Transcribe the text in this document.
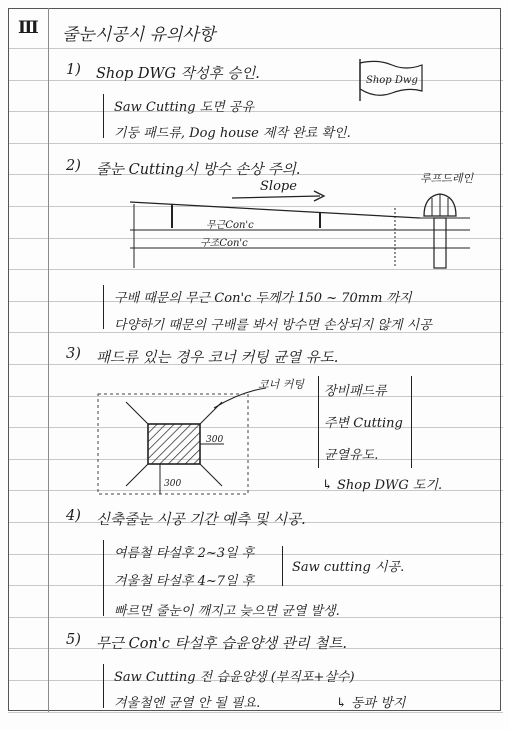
Ⅲ 줄눈시공시 유의사항
1) Shop DWG 작성후 승인.	Shop Dwg
Saw Cutting 도면 공유
기둥 패드류, Dog house 제작 완료 확인.
2) 줄눈 Cutting시 방수 손상 주의.
Slope
루프드레인
무근Con'c
구조Con'c
구배 때문의 무근 Con'c 두께가 150 ~ 70mm 까지
다양하기 때문의 구배를 봐서 방수면 손상되지 않게 시공
3) 패드류 있는 경우 코너 커팅 균열 유도.
코너 커팅
300
300
장비패드류
주변 Cutting
균열유도.
↳ Shop DWG 도기.
4) 신축줄눈 시공 기간 예측 및 시공.
여름철 타설후 2~3일 후
겨울철 타설후 4~7일 후
빠르면 줄눈이 깨지고 늦으면 균열 발생.
Saw cutting 시공.
5) 무근 Con'c 타설후 습윤양생 관리 철트.
Saw Cutting 전 습윤양생 (부직포+살수)
겨울철엔 균열 안 될 필요.	↳ 동파 방지
